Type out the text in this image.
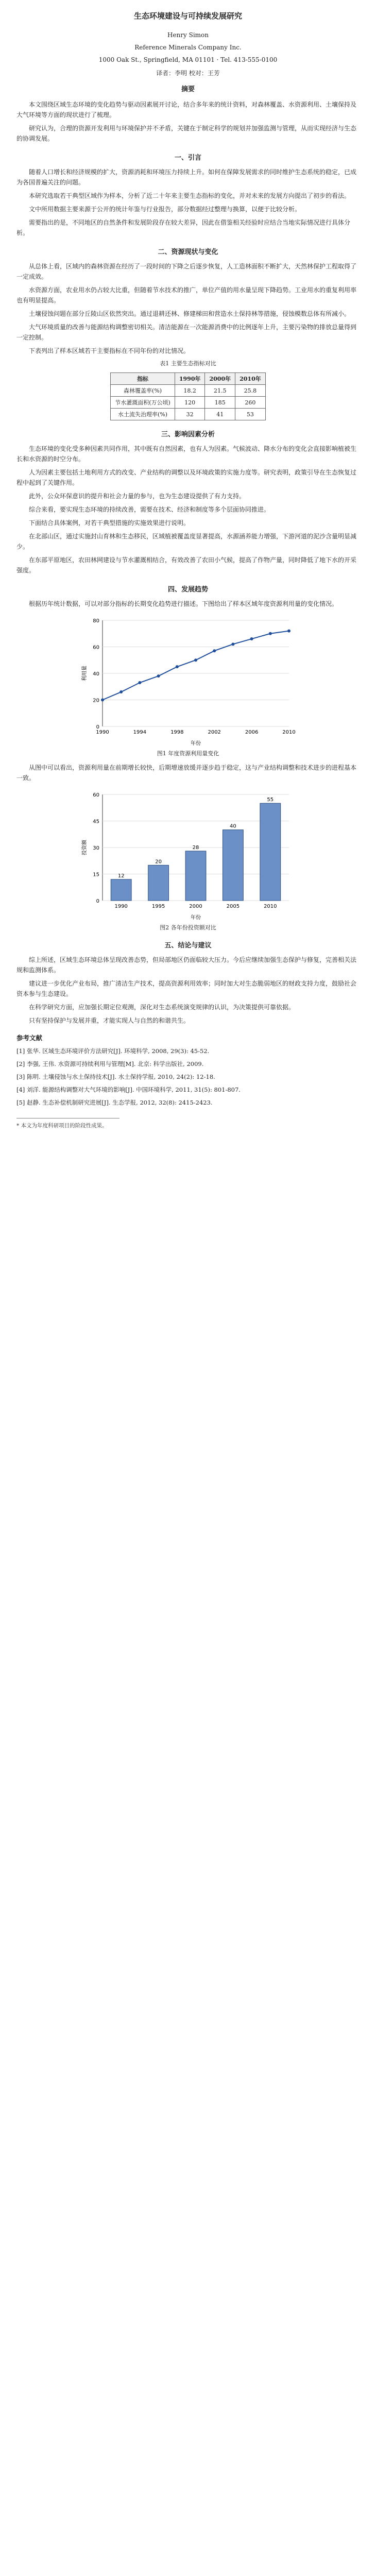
生态环境建设与可持续发展研究
Henry Simon
Reference Minerals Company Inc.
1000 Oak St., Springfield, MA 01101 · Tel. 413-555-0100
译者：李明 校对：王芳
摘要

本文围绕区域生态环境的变化趋势与驱动因素展开讨论，结合多年来的统计资料，对森林覆盖、水资源利用、土壤保持及大气环境等方面的现状进行了梳理。

研究认为，合理的资源开发利用与环境保护并不矛盾，关键在于制定科学的规划并加强监测与管理，从而实现经济与生态的协调发展。

一、引言

随着人口增长和经济规模的扩大，资源消耗和环境压力持续上升。如何在保障发展需求的同时维护生态系统的稳定，已成为各国普遍关注的问题。

本研究选取若干典型区域作为样本，分析了近二十年来主要生态指标的变化，并对未来的发展方向提出了初步的看法。

文中所用数据主要来源于公开的统计年鉴与行业报告，部分数据经过整理与换算，以便于比较分析。

需要指出的是，不同地区的自然条件和发展阶段存在较大差异，因此在借鉴相关经验时应结合当地实际情况进行具体分析。

二、资源现状与变化

从总体上看，区域内的森林资源在经历了一段时间的下降之后逐步恢复，人工造林面积不断扩大，天然林保护工程取得了一定成效。

水资源方面，农业用水仍占较大比重，但随着节水技术的推广，单位产值的用水量呈现下降趋势。工业用水的重复利用率也有明显提高。

土壤侵蚀问题在部分丘陵山区依然突出。通过退耕还林、修建梯田和营造水土保持林等措施，侵蚀模数总体有所减小。

大气环境质量的改善与能源结构调整密切相关。清洁能源在一次能源消费中的比例逐年上升，主要污染物的排放总量得到一定控制。

下表列出了样本区域若干主要指标在不同年份的对比情况。

表1 主要生态指标对比
指标	1990年	2000年	2010年
森林覆盖率(%)	18.2	21.5	25.8
节水灌溉面积(万公顷)	120	185	260
水土流失治理率(%)	32	41	53
三、影响因素分析

生态环境的变化受多种因素共同作用，其中既有自然因素，也有人为因素。气候波动、降水分布的变化会直接影响植被生长和水资源的时空分布。

人为因素主要包括土地利用方式的改变、产业结构的调整以及环境政策的实施力度等。研究表明，政策引导在生态恢复过程中起到了关键作用。

此外，公众环保意识的提升和社会力量的参与，也为生态建设提供了有力支持。

综合来看，要实现生态环境的持续改善，需要在技术、经济和制度等多个层面协同推进。

下面结合具体案例，对若干典型措施的实施效果进行说明。

在北部山区，通过实施封山育林和生态移民，区域植被覆盖度显著提高，水源涵养能力增强，下游河道的泥沙含量明显减少。

在东部平原地区，农田林网建设与节水灌溉相结合，有效改善了农田小气候，提高了作物产量，同时降低了地下水的开采强度。

四、发展趋势

根据历年统计数据，可以对部分指标的长期变化趋势进行描述。下图给出了样本区域年度资源利用量的变化情况。

0
20
40
60
80
利用量
年份
1990	1994	1998	2002	2006	2010
图1 年度资源利用量变化

从图中可以看出，资源利用量在前期增长较快，后期增速放缓并逐步趋于稳定，这与产业结构调整和技术进步的进程基本一致。

0
15
30
45
60
投资额
年份
12
1990
20
1995
28
2000
40
2005
55
2010
图2 各年份投资额对比
五、结论与建议

综上所述，区域生态环境总体呈现改善态势，但局部地区仍面临较大压力。今后应继续加强生态保护与修复，完善相关法规和监测体系。

建议进一步优化产业布局，推广清洁生产技术，提高资源利用效率；同时加大对生态脆弱地区的财政支持力度，鼓励社会资本参与生态建设。

在科学研究方面，应加强长期定位观测，深化对生态系统演变规律的认识，为决策提供可靠依据。

只有坚持保护与发展并重，才能实现人与自然的和谐共生。

参考文献

[1] 张华. 区域生态环境评价方法研究[J]. 环境科学, 2008, 29(3): 45-52.

[2] 李强, 王伟. 水资源可持续利用与管理[M]. 北京: 科学出版社, 2009.

[3] 陈明. 土壤侵蚀与水土保持技术[J]. 水土保持学报, 2010, 24(2): 12-18.

[4] 刘洋. 能源结构调整对大气环境的影响[J]. 中国环境科学, 2011, 31(5): 801-807.

[5] 赵静. 生态补偿机制研究进展[J]. 生态学报, 2012, 32(8): 2415-2423.

* 本文为年度科研项目的阶段性成果。
